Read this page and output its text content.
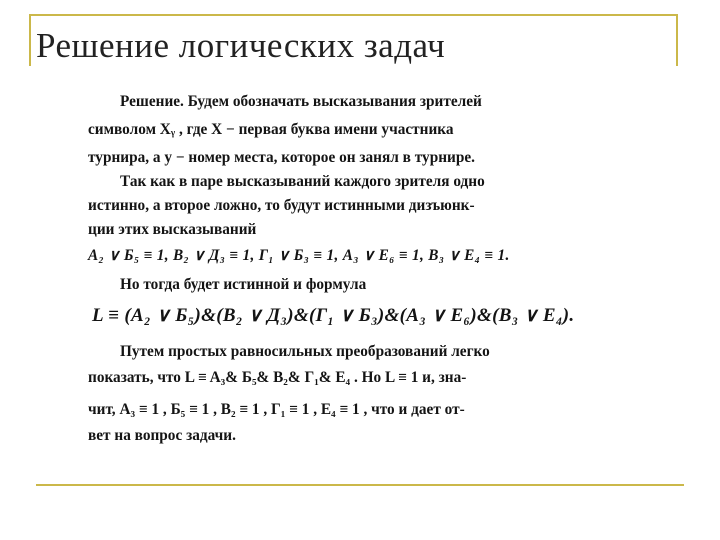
Решение логических задач
Решение. Будем обозначать высказывания зрителей
символом Xᵧ , где X − первая буква имени участника
турнира, а y − номер места, которое он занял в турнире.
Так как в паре высказываний каждого зрителя одно
истинно, а второе ложно, то будут истинными дизъюнк-
ции этих высказываний
A₂ ∨ Б₅ ≡ 1, B₂ ∨ Д₃ ≡ 1, Г₁ ∨ Б₃ ≡ 1, A₃ ∨ E₆ ≡ 1, B₃ ∨ E₄ ≡ 1.
Но тогда будет истинной и формула
L ≡ (A₂ ∨ Б₅)&(B₂ ∨ Д₃)&(Г₁ ∨ Б₃)&(A₃ ∨ E₆)&(B₃ ∨ E₄).
Путем простых равносильных преобразований легко
показать, что L ≡ A₃& Б₅& B₂& Г₁& E₄ . Но L ≡ 1 и, зна-
чит, A₃ ≡ 1 , Б₅ ≡ 1 , B₂ ≡ 1 , Г₁ ≡ 1 , E₄ ≡ 1 , что и дает от-
вет на вопрос задачи.
